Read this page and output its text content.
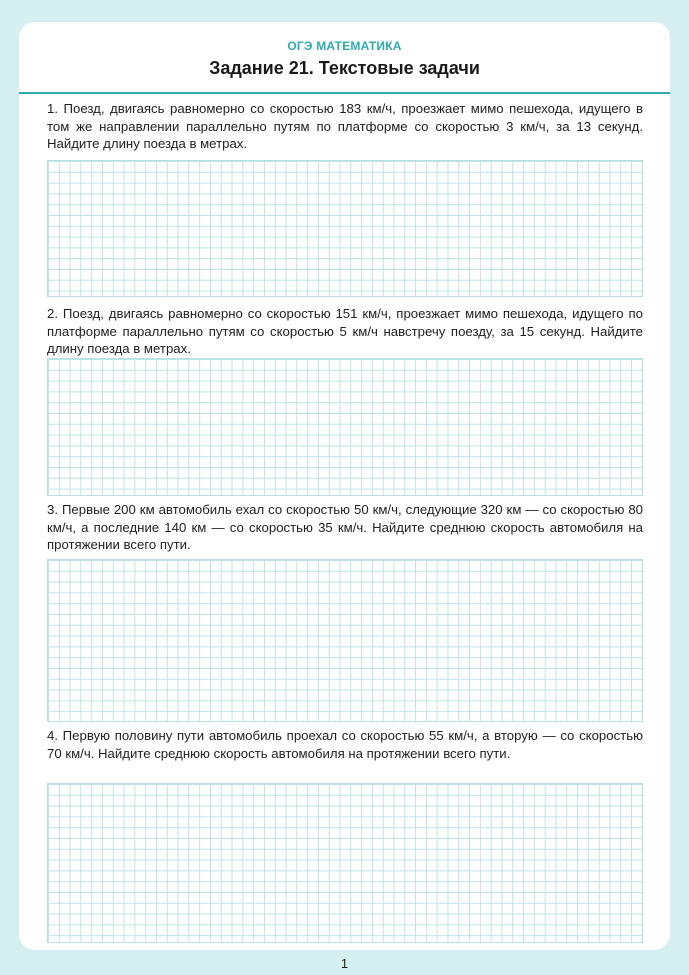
ОГЭ МАТЕМАТИКА
Задание 21. Текстовые задачи

1. Поезд, двигаясь равномерно со скоростью 183 км/ч, проезжает мимо пешехода, идущего в том же направлении параллельно путям по платформе со скоростью 3 км/ч, за 13 секунд. Найдите длину поезда в метрах.

2. Поезд, двигаясь равномерно со скоростью 151 км/ч, проезжает мимо пешехода, идущего по платформе параллельно путям со скоростью 5 км/ч навстречу поезду, за 15 секунд. Найдите длину поезда в метрах.

3. Первые 200 км автомобиль ехал со скоростью 50 км/ч, следующие 320 км — со скоростью 80 км/ч, а последние 140 км — со скоростью 35 км/ч. Найдите среднюю скорость автомобиля на протяжении всего пути.

4. Первую половину пути автомобиль проехал со скоростью 55 км/ч, а вторую — со скоростью 70 км/ч. Найдите среднюю скорость автомобиля на протяжении всего пути.

1
